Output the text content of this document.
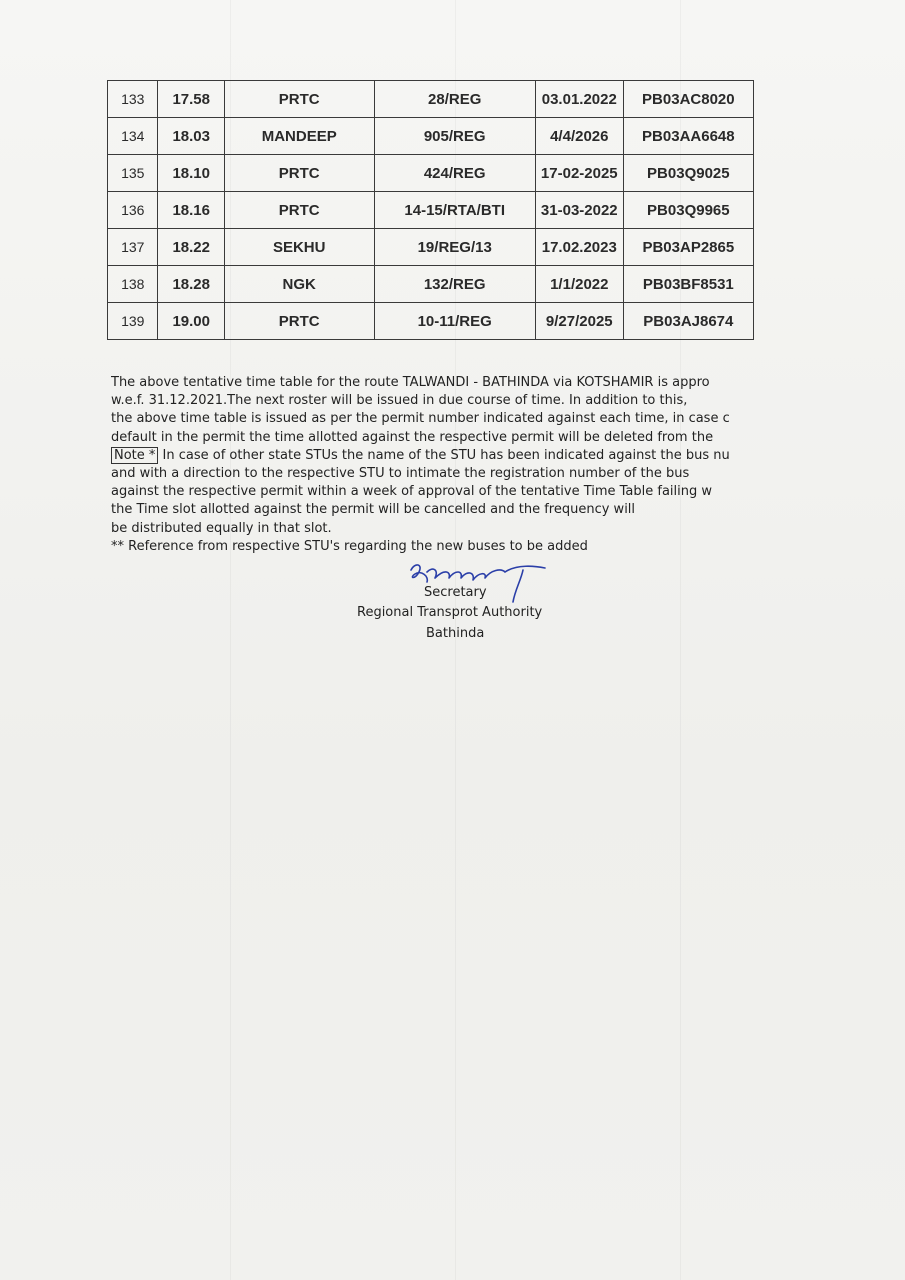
133	17.58	PRTC	28/REG	03.01.2022	PB03AC8020
134	18.03	MANDEEP	905/REG	4/4/2026	PB03AA6648
135	18.10	PRTC	424/REG	17-02-2025	PB03Q9025
136	18.16	PRTC	14-15/RTA/BTI	31-03-2022	PB03Q9965
137	18.22	SEKHU	19/REG/13	17.02.2023	PB03AP2865
138	18.28	NGK	132/REG	1/1/2022	PB03BF8531
139	19.00	PRTC	10-11/REG	9/27/2025	PB03AJ8674
The above tentative time table for the route TALWANDI - BATHINDA via KOTSHAMIR is appro
w.e.f. 31.12.2021.The next roster will be issued in due course of time. In addition to this,
the above time table is issued as per the permit number indicated against each time, in case c
default in the permit the time allotted against the respective permit will be deleted from the
Note * In case of other state STUs the name of the STU has been indicated against the bus nu
and with a direction to the respective STU to intimate the registration number of the bus
against the respective permit within a week of approval of the tentative Time Table failing w
the Time slot allotted against the permit will be cancelled and the frequency will
be distributed equally in that slot.
** Reference from respective STU's regarding the new buses to be added
Secretary
Regional Transprot Authority
Bathinda
